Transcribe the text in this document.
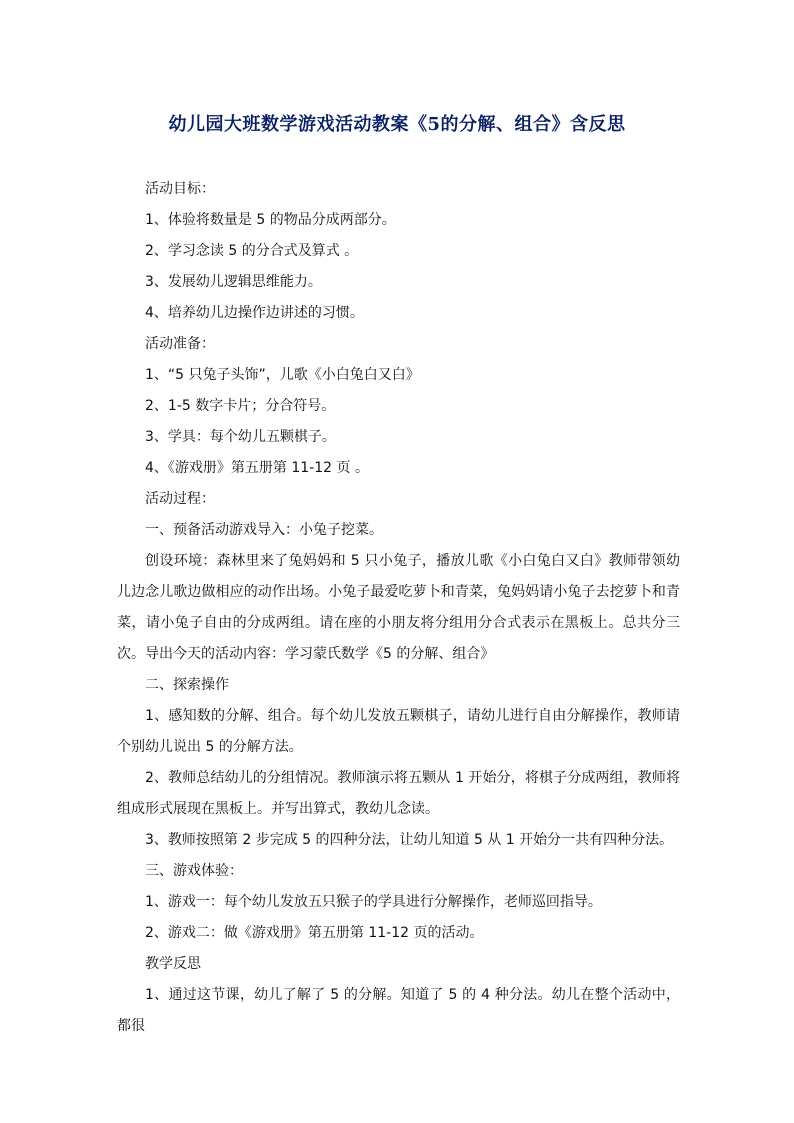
幼儿园大班数学游戏活动教案《5的分解、组合》含反思

活动目标：

1、体验将数量是 5 的物品分成两部分。

2、学习念读 5 的分合式及算式 。

3、发展幼儿逻辑思维能力。

4、培养幼儿边操作边讲述的习惯。

活动准备：

1、“5 只兔子头饰”，儿歌《小白兔白又白》

2、1-5 数字卡片；分合符号。

3、学具：每个幼儿五颗棋子。

4、《游戏册》第五册第 11-12 页 。

活动过程：

一、预备活动游戏导入：小兔子挖菜。

创设环境：森林里来了兔妈妈和 5 只小兔子，播放儿歌《小白兔白又白》教师带领幼儿边念儿歌边做相应的动作出场。小兔子最爱吃萝卜和青菜，兔妈妈请小兔子去挖萝卜和青菜，请小兔子自由的分成两组。请在座的小朋友将分组用分合式表示在黑板上。总共分三次。导出今天的活动内容：学习蒙氏数学《5 的分解、组合》

二、探索操作

1、感知数的分解、组合。每个幼儿发放五颗棋子，请幼儿进行自由分解操作，教师请个别幼儿说出 5 的分解方法。

2、教师总结幼儿的分组情况。教师演示将五颗从 1 开始分，将棋子分成两组，教师将组成形式展现在黑板上。并写出算式，教幼儿念读。

3、教师按照第 2 步完成 5 的四种分法，让幼儿知道 5 从 1 开始分一共有四种分法。

三、游戏体验：

1、游戏一：每个幼儿发放五只猴子的学具进行分解操作，老师巡回指导。

2、游戏二：做《游戏册》第五册第 11-12 页的活动。

教学反思

1、通过这节课，幼儿了解了 5 的分解。知道了 5 的 4 种分法。幼儿在整个活动中，都很
